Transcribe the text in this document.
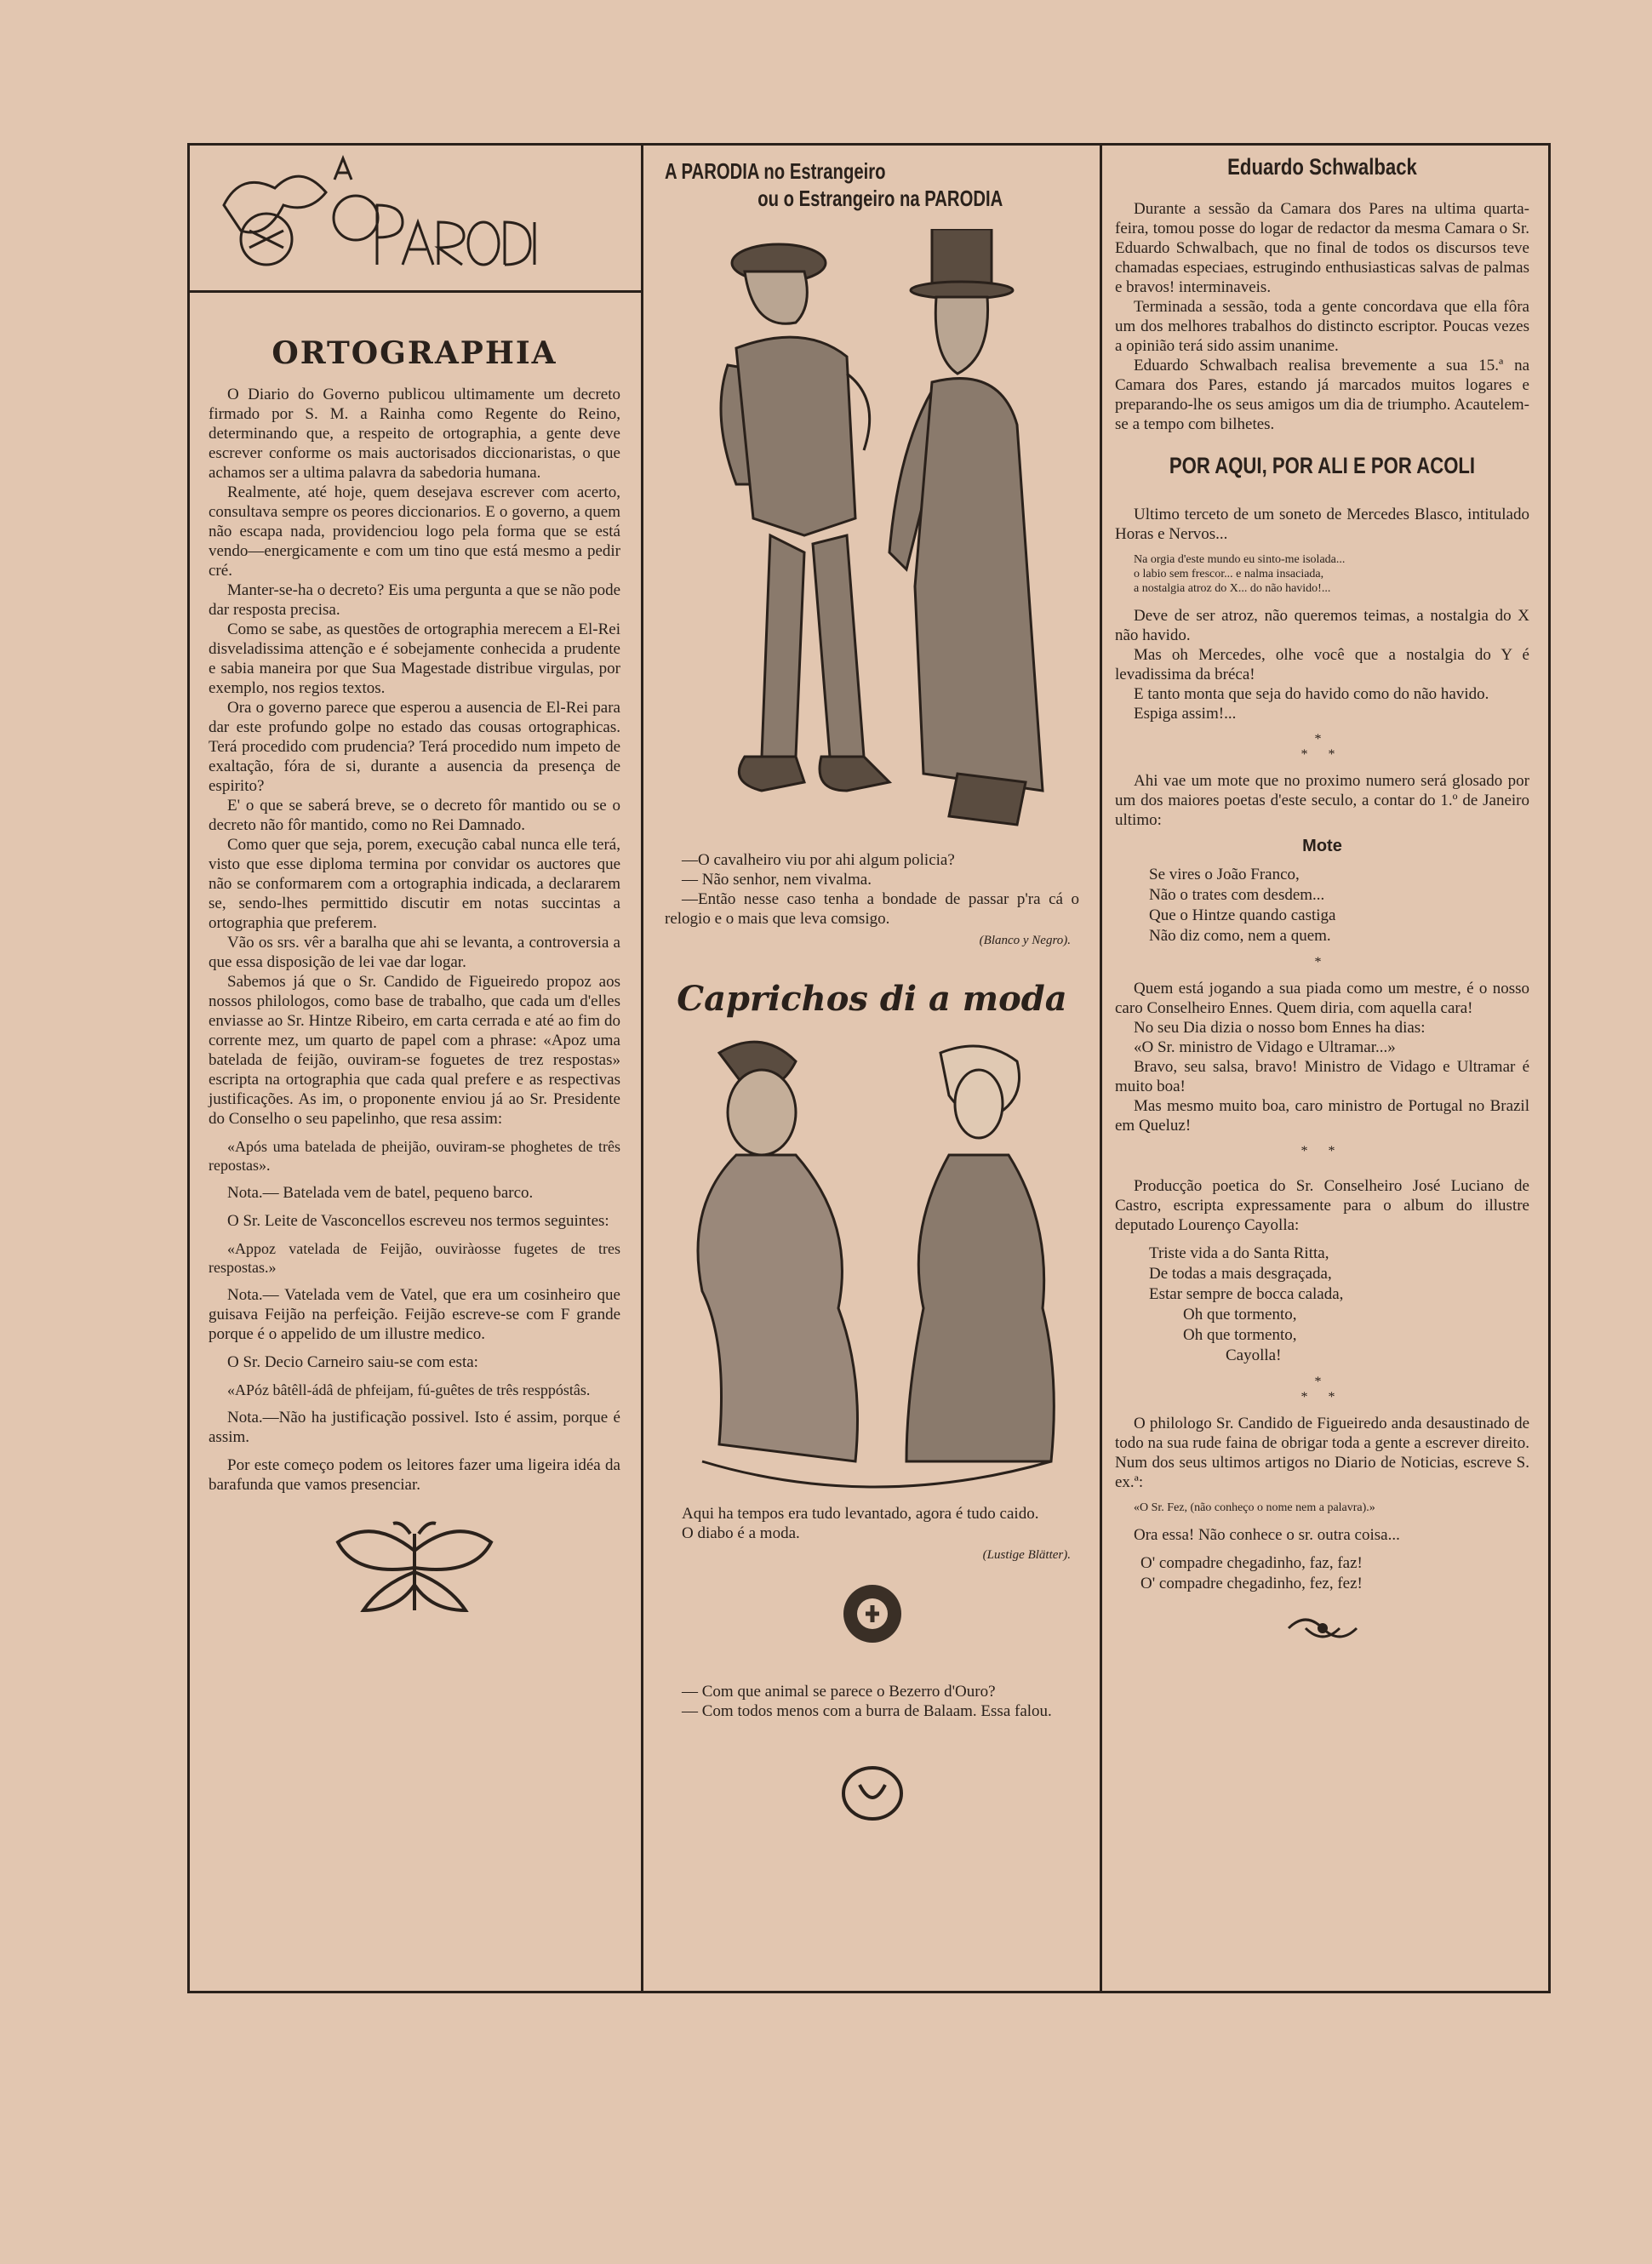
ORTOGRAPHIA

O Diario do Governo publicou ultimamente um decreto firmado por S. M. a Rainha como Regente do Reino, determinando que, a respeito de ortographia, a gente deve escrever conforme os mais auctorisados diccionaristas, o que achamos ser a ultima palavra da sabedoria humana.

Realmente, até hoje, quem desejava escrever com acerto, consultava sempre os peores diccionarios. E o governo, a quem não escapa nada, providenciou logo pela forma que se está vendo—energicamente e com um tino que está mesmo a pedir cré.

Manter-se-ha o decreto? Eis uma pergunta a que se não pode dar resposta precisa.

Como se sabe, as questões de ortographia merecem a El-Rei disveladissima attenção e é sobejamente conhecida a prudente e sabia maneira por que Sua Magestade distribue virgulas, por exemplo, nos regios textos.

Ora o governo parece que esperou a ausencia de El-Rei para dar este profundo golpe no estado das cousas ortographicas. Terá procedido com prudencia? Terá procedido num impeto de exaltação, fóra de si, durante a ausencia da presença de espirito?

E' o que se saberá breve, se o decreto fôr mantido ou se o decreto não fôr mantido, como no Rei Damnado.

Como quer que seja, porem, execução cabal nunca elle terá, visto que esse diploma termina por convidar os auctores que não se conformarem com a ortographia indicada, a declararem se, sendo-lhes permittido discutir em notas succintas a ortographia que preferem.

Vão os srs. vêr a baralha que ahi se levanta, a controversia a que essa disposição de lei vae dar logar.

Sabemos já que o Sr. Candido de Figueiredo propoz aos nossos philologos, como base de trabalho, que cada um d'elles enviasse ao Sr. Hintze Ribeiro, em carta cerrada e até ao fim do corrente mez, um quarto de papel com a phrase: «Apoz uma batelada de feijão, ouviram-se foguetes de trez respostas» escripta na ortographia que cada qual prefere e as respectivas justificações. As im, o proponente enviou já ao Sr. Presidente do Conselho o seu papelinho, que resa assim:

«Após uma batelada de pheijão, ouviram-se phoghetes de três repostas».

Nota.— Batelada vem de batel, pequeno barco.

O Sr. Leite de Vasconcellos escreveu nos termos seguintes:

«Appoz vatelada de Feijão, ouviràosse fugetes de tres respostas.»

Nota.— Vatelada vem de Vatel, que era um cosinheiro que guisava Feijão na perfeição. Feijão escreve-se com F grande porque é o appelido de um illustre medico.

O Sr. Decio Carneiro saiu-se com esta:

«APóz bâtêll-ádâ de phfeijam, fú-guêtes de três resppóstâs.

Nota.—Não ha justificação possivel. Isto é assim, porque é assim.

Por este começo podem os leitores fazer uma ligeira idéa da barafunda que vamos presenciar.

A PARODIA no Estrangeiro
ou o Estrangeiro na PARODIA

—O cavalheiro viu por ahi algum policia?

— Não senhor, nem vivalma.

—Então nesse caso tenha a bondade de passar p'ra cá o relogio e o mais que leva comsigo.

(Blanco y Negro).
Caprichos di a moda

Aqui ha tempos era tudo levantado, agora é tudo caido.

O diabo é a moda.

(Lustige Blätter).

— Com que animal se parece o Bezerro d'Ouro?

— Com todos menos com a burra de Balaam. Essa falou.

Eduardo Schwalback

Durante a sessão da Camara dos Pares na ultima quarta-feira, tomou posse do logar de redactor da mesma Camara o Sr. Eduardo Schwalbach, que no final de todos os discursos teve chamadas especiaes, estrugindo enthusiasticas salvas de palmas e bravos! interminaveis.

Terminada a sessão, toda a gente concordava que ella fôra um dos melhores trabalhos do distincto escriptor. Poucas vezes a opinião terá sido assim unanime.

Eduardo Schwalbach realisa brevemente a sua 15.ª na Camara dos Pares, estando já marcados muitos logares e preparando-lhe os seus amigos um dia de triumpho. Acautelem-se a tempo com bilhetes.

POR AQUI, POR ALI E POR ACOLI

Ultimo terceto de um soneto de Mercedes Blasco, intitulado Horas e Nervos...

Na orgia d'este mundo eu sinto-me isolada...
o labio sem frescor... e nalma insaciada,
a nostalgia atroz do X... do não havido!...

Deve de ser atroz, não queremos teimas, a nostalgia do X não havido.

Mas oh Mercedes, olhe você que a nostalgia do Y é levadissima da bréca!

E tanto monta que seja do havido como do não havido.

Espiga assim!...

*
* *

Ahi vae um mote que no proximo numero será glosado por um dos maiores poetas d'este seculo, a contar do 1.º de Janeiro ultimo:

Mote
Se vires o João Franco,
Não o trates com desdem...
Que o Hintze quando castiga
Não diz como, nem a quem.
*

Quem está jogando a sua piada como um mestre, é o nosso caro Conselheiro Ennes. Quem diria, com aquella cara!

No seu Dia dizia o nosso bom Ennes ha dias:

«O Sr. ministro de Vidago e Ultramar...»

Bravo, seu salsa, bravo! Ministro de Vidago e Ultramar é muito boa!

Mas mesmo muito boa, caro ministro de Portugal no Brazil em Queluz!

* *

Producção poetica do Sr. Conselheiro José Luciano de Castro, escripta expressamente para o album do illustre deputado Lourenço Cayolla:

Triste vida a do Santa Ritta,
De todas a mais desgraçada,
Estar sempre de bocca calada,
Oh que tormento,
Oh que tormento,
Cayolla!
*
* *

O philologo Sr. Candido de Figueiredo anda desaustinado de todo na sua rude faina de obrigar toda a gente a escrever direito. Num dos seus ultimos artigos no Diario de Noticias, escreve S. ex.ª:

«O Sr. Fez, (não conheço o nome nem a palavra).»

Ora essa! Não conhece o sr. outra coisa...

O' compadre chegadinho, faz, faz!
O' compadre chegadinho, fez, fez!
